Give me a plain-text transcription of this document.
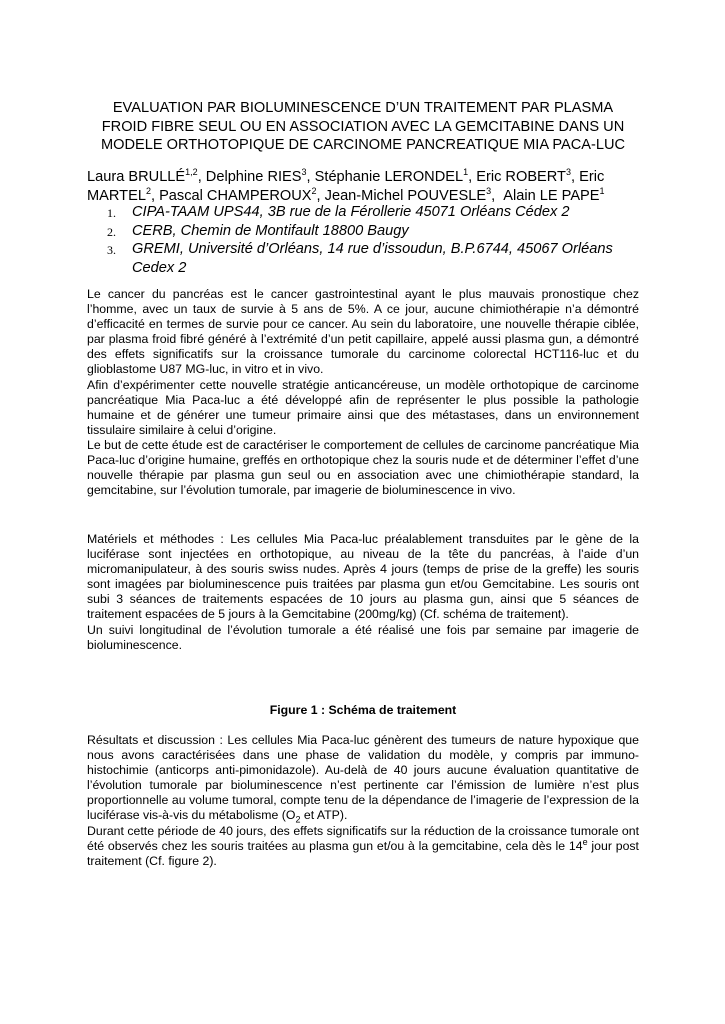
EVALUATION PAR BIOLUMINESCENCE D’UN TRAITEMENT PAR PLASMA
FROID FIBRE SEUL OU EN ASSOCIATION AVEC LA GEMCITABINE DANS UN
MODELE ORTHOTOPIQUE DE CARCINOME PANCREATIQUE MIA PACA-LUC
Laura BRULLÉ$^{1,2}$, Delphine RIES$^3$, Stéphanie LERONDEL$^1$, Eric ROBERT$^3$, Eric MARTEL$^2$, Pascal CHAMPEROUX$^2$, Jean-Michel POUVESLE$^3$,  Alain LE PAPE$^1$
1. CIPA-TAAM UPS44, 3B rue de la Férollerie 45071 Orléans Cédex 2
2. CERB, Chemin de Montifault 18800 Baugy
3. GREMI, Université d’Orléans, 14 rue d’issoudun, B.P.6744, 45067 Orléans Cedex 2

Le cancer du pancréas est le cancer gastrointestinal ayant le plus mauvais pronostique chez l’homme, avec un taux de survie à 5 ans de 5%. A ce jour, aucune chimiothérapie n’a démontré d’efficacité en termes de survie pour ce cancer. Au sein du laboratoire, une nouvelle thérapie ciblée, par plasma froid fibré généré à l’extrémité d’un petit capillaire, appelé aussi plasma gun, a démontré des effets significatifs sur la croissance tumorale du carcinome colorectal HCT116-luc et du glioblastome U87 MG-luc, in vitro et in vivo.

Afin d’expérimenter cette nouvelle stratégie anticancéreuse, un modèle orthotopique de carcinome pancréatique Mia Paca-luc a été développé afin de représenter le plus possible la pathologie humaine et de générer une tumeur primaire ainsi que des métastases, dans un environnement tissulaire similaire à celui d’origine.

Le but de cette étude est de caractériser le comportement de cellules de carcinome pancréatique Mia Paca-luc d’origine humaine, greffés en orthotopique chez la souris nude et de déterminer l’effet d’une nouvelle thérapie par plasma gun seul ou en association avec une chimiothérapie standard, la gemcitabine, sur l’évolution tumorale, par imagerie de bioluminescence in vivo.

Matériels et méthodes : Les cellules Mia Paca-luc préalablement transduites par le gène de la luciférase sont injectées en orthotopique, au niveau de la tête du pancréas, à l’aide d’un micromanipulateur, à des souris swiss nudes. Après 4 jours (temps de prise de la greffe) les souris sont imagées par bioluminescence puis traitées par plasma gun et/ou Gemcitabine. Les souris ont subi 3 séances de traitements espacées de 10 jours au plasma gun, ainsi que 5 séances de traitement espacées de 5 jours à la Gemcitabine (200mg/kg) (Cf. schéma de traitement).

Un suivi longitudinal de l’évolution tumorale a été réalisé une fois par semaine par imagerie de bioluminescence.

Figure 1 : Schéma de traitement

Résultats et discussion : Les cellules Mia Paca-luc génèrent des tumeurs de nature hypoxique que nous avons caractérisées dans une phase de validation du modèle, y compris par immuno-histochimie (anticorps anti-pimonidazole). Au-delà de 40 jours aucune évaluation quantitative de l’évolution tumorale par bioluminescence n’est pertinente car l’émission de lumière n’est plus proportionnelle au volume tumoral, compte tenu de la dépendance de l’imagerie de l’expression de la luciférase vis-à-vis du métabolisme ($O_2$ et ATP).

Durant cette période de 40 jours, des effets significatifs sur la réduction de la croissance tumorale ont été observés chez les souris traitées au plasma gun et/ou à la gemcitabine, cela dès le 14e jour post traitement (Cf. figure 2).
